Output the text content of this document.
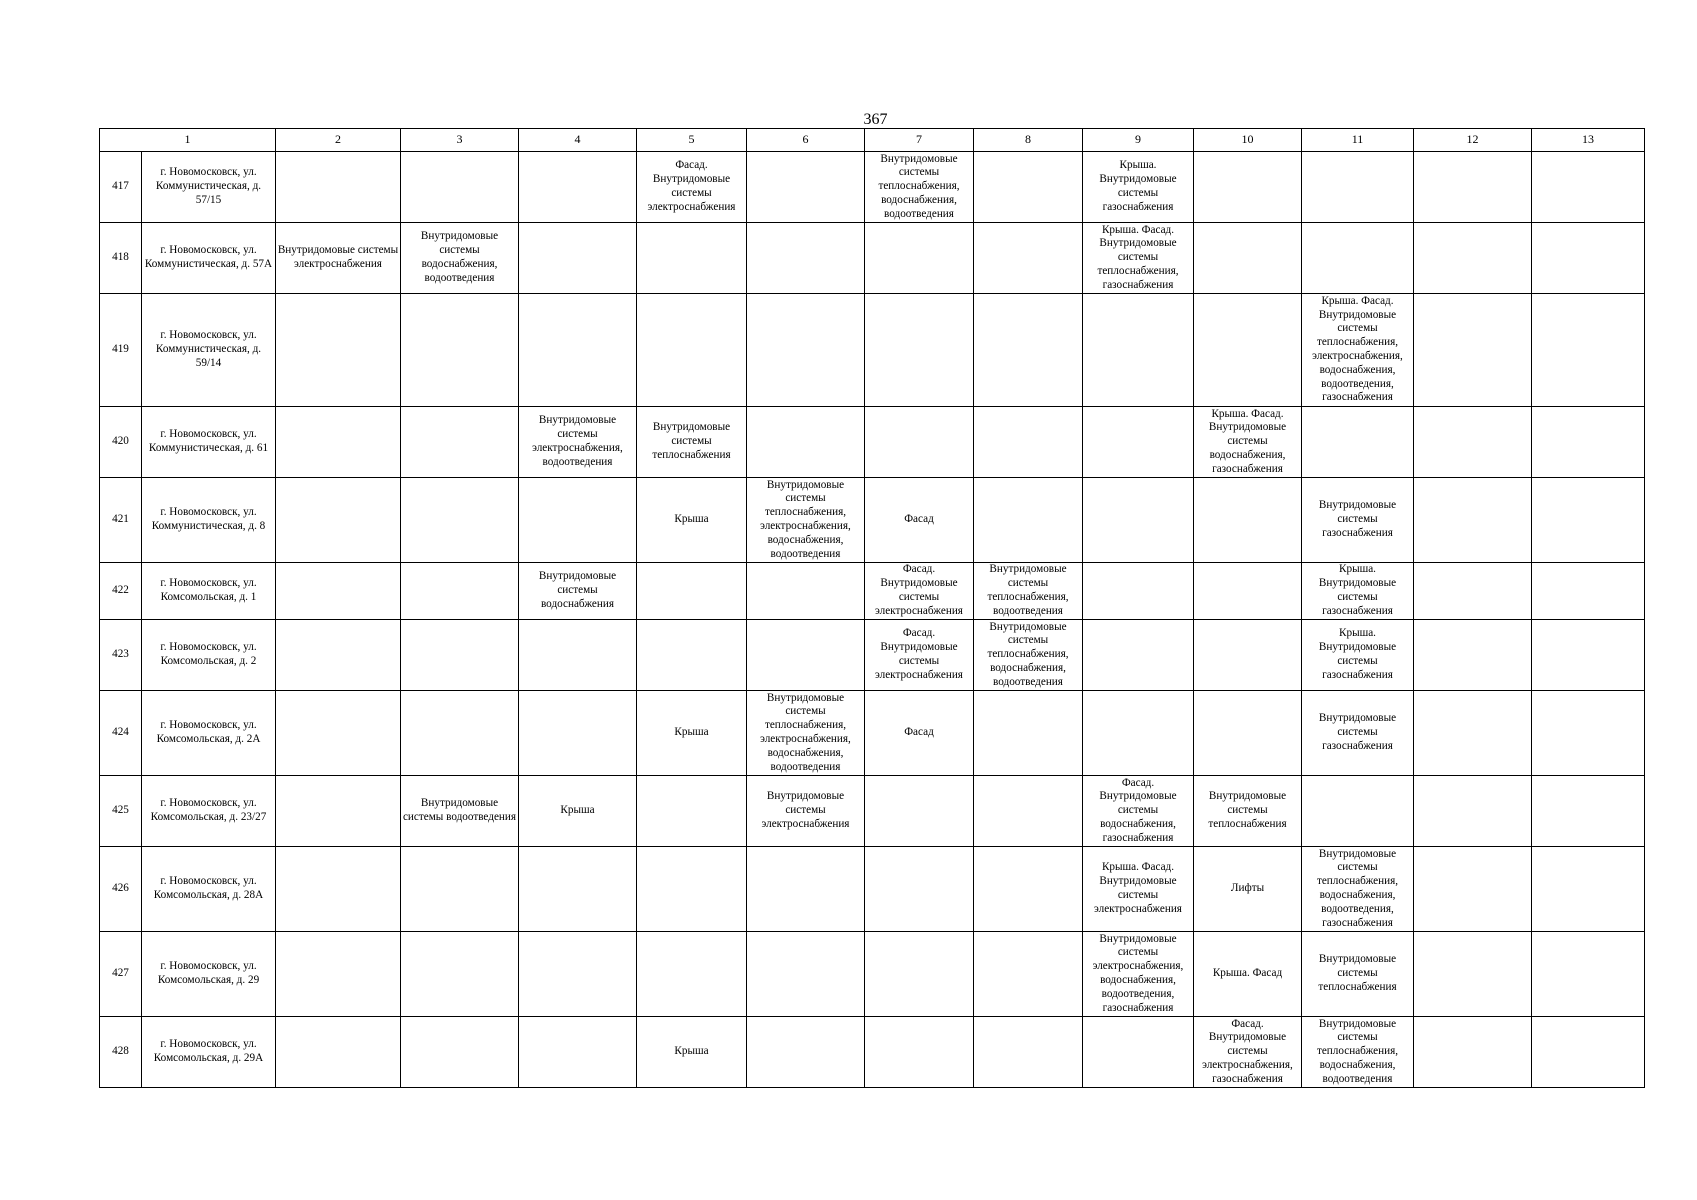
367
1		2	3	4	5	6	7	8	9	10	11	12	13
417	г. Новомосковск, ул. Коммунистическая, д. 57/15				Фасад. Внутридомовые системы электроснабжения		Внутридомовые системы теплоснабжения, водоснабжения, водоотведения		Крыша. Внутридомовые системы газоснабжения				
418	г. Новомосковск, ул. Коммунистическая, д. 57А	Внутридомовые системы электроснабжения	Внутридомовые системы водоснабжения, водоотведения						Крыша. Фасад. Внутридомовые системы теплоснабжения, газоснабжения				
419	г. Новомосковск, ул. Коммунистическая, д. 59/14										Крыша. Фасад. Внутридомовые системы теплоснабжения, электроснабжения, водоснабжения, водоотведения, газоснабжения		
420	г. Новомосковск, ул. Коммунистическая, д. 61			Внутридомовые системы электроснабжения, водоотведения	Внутридомовые системы теплоснабжения					Крыша. Фасад. Внутридомовые системы водоснабжения, газоснабжения			
421	г. Новомосковск, ул. Коммунистическая, д. 8				Крыша	Внутридомовые системы теплоснабжения, электроснабжения, водоснабжения, водоотведения	Фасад				Внутридомовые системы газоснабжения		
422	г. Новомосковск, ул. Комсомольская, д. 1			Внутридомовые системы водоснабжения			Фасад. Внутридомовые системы электроснабжения	Внутридомовые системы теплоснабжения, водоотведения			Крыша. Внутридомовые системы газоснабжения		
423	г. Новомосковск, ул. Комсомольская, д. 2						Фасад. Внутридомовые системы электроснабжения	Внутридомовые системы теплоснабжения, водоснабжения, водоотведения			Крыша. Внутридомовые системы газоснабжения		
424	г. Новомосковск, ул. Комсомольская, д. 2А				Крыша	Внутридомовые системы теплоснабжения, электроснабжения, водоснабжения, водоотведения	Фасад				Внутридомовые системы газоснабжения		
425	г. Новомосковск, ул. Комсомольская, д. 23/27		Внутридомовые системы водоотведения	Крыша		Внутридомовые системы электроснабжения			Фасад. Внутридомовые системы водоснабжения, газоснабжения	Внутридомовые системы теплоснабжения			
426	г. Новомосковск, ул. Комсомольская, д. 28А								Крыша. Фасад. Внутридомовые системы электроснабжения	Лифты	Внутридомовые системы теплоснабжения, водоснабжения, водоотведения, газоснабжения		
427	г. Новомосковск, ул. Комсомольская, д. 29								Внутридомовые системы электроснабжения, водоснабжения, водоотведения, газоснабжения	Крыша. Фасад	Внутридомовые системы теплоснабжения		
428	г. Новомосковск, ул. Комсомольская, д. 29А				Крыша					Фасад. Внутридомовые системы электроснабжения, газоснабжения	Внутридомовые системы теплоснабжения, водоснабжения, водоотведения		
